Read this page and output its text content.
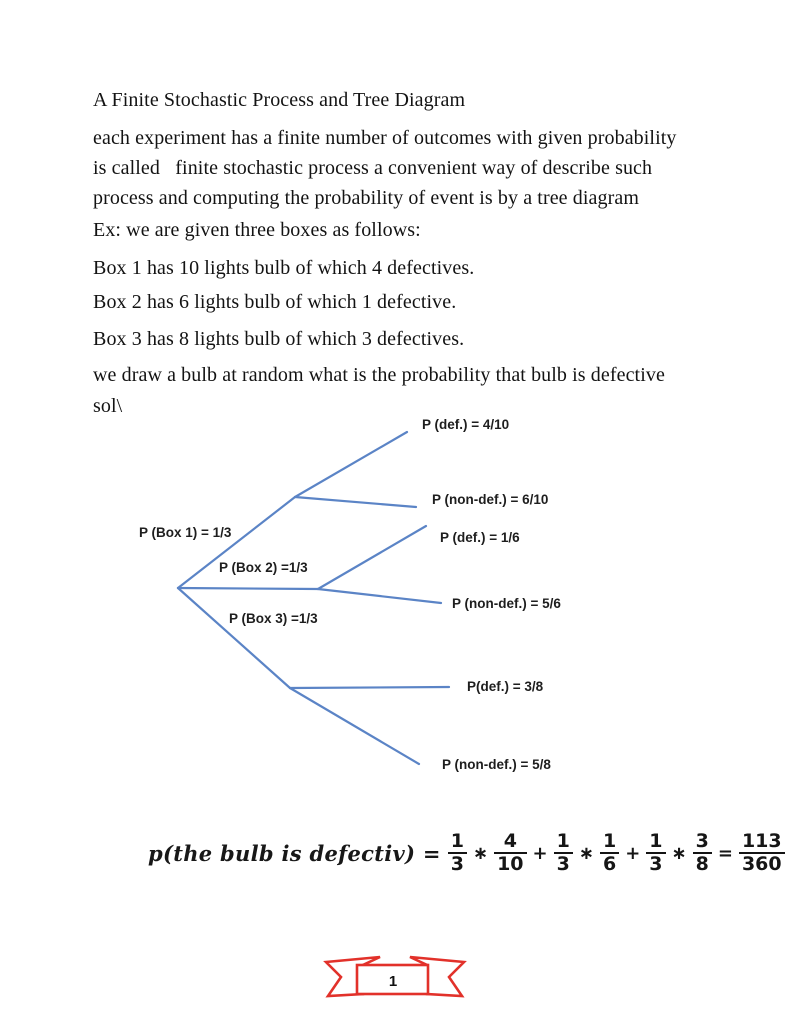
A Finite Stochastic Process and Tree Diagram
each experiment has a finite number of outcomes with given probability
is called   finite stochastic process a convenient way of describe such
process and computing the probability of event is by a tree diagram
Ex: we are given three boxes as follows:
Box 1 has 10 lights bulb of which 4 defectives.
Box 2 has 6 lights bulb of which 1 defective.
Box 3 has 8 lights bulb of which 3 defectives.
we draw a bulb at random what is the probability that bulb is defective
sol\
P (Box 1) = 1/3
P (Box 2) =1/3
P (Box 3) =1/3
P (def.) = 4/10
P (non-def.) = 6/10
P (def.) = 1/6
P (non-def.) = 5/6
P(def.) = 3/8
P (non-def.) = 5/8
p(the bulb is defectiv) = $\frac{1}{3}$ ∗ $\frac{4}{10} + \frac{1}{3}$ ∗ $\frac{1}{6} + \frac{1}{3}$ ∗ $\frac{3}{8} = \frac{113}{360}$
1
